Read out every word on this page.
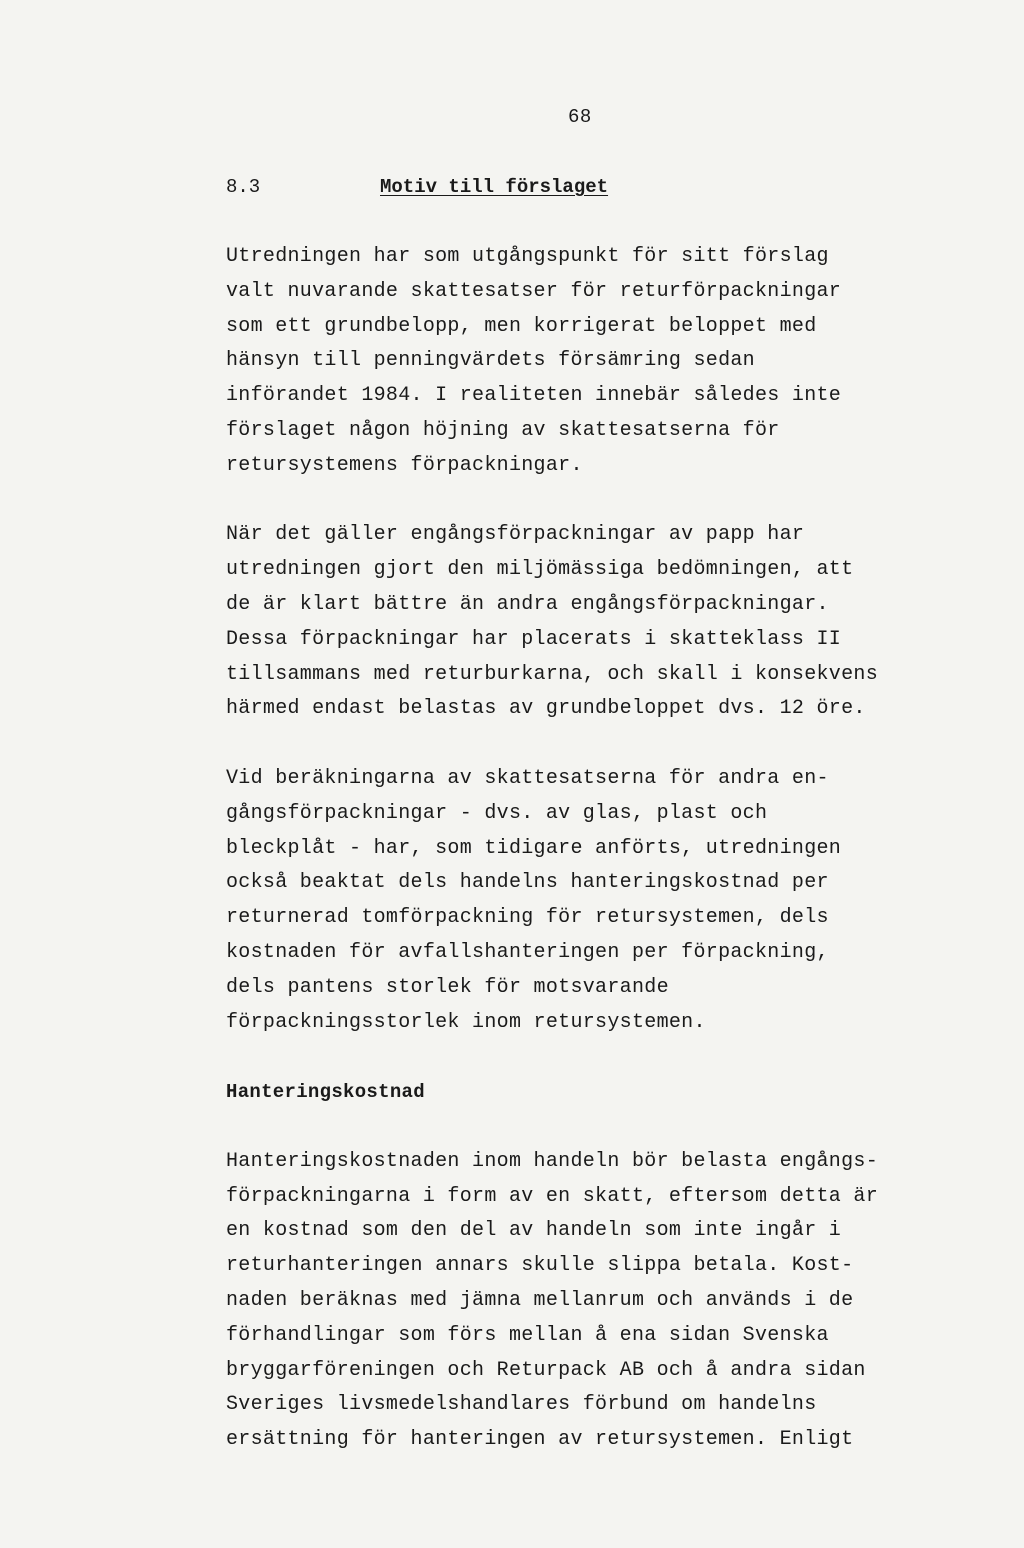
68
8.3	Motiv till förslaget
Utredningen har som utgångspunkt för sitt förslag
valt nuvarande skattesatser för returförpackningar
som ett grundbelopp, men korrigerat beloppet med
hänsyn till penningvärdets försämring sedan
införandet 1984. I realiteten innebär således inte
förslaget någon höjning av skattesatserna för
retursystemens förpackningar.
När det gäller engångsförpackningar av papp har
utredningen gjort den miljömässiga bedömningen, att
de är klart bättre än andra engångsförpackningar.
Dessa förpackningar har placerats i skatteklass II
tillsammans med returburkarna, och skall i konsekvens
härmed endast belastas av grundbeloppet dvs. 12 öre.
Vid beräkningarna av skattesatserna för andra en-
gångsförpackningar - dvs. av glas, plast och
bleckplåt - har, som tidigare anförts, utredningen
också beaktat dels handelns hanteringskostnad per
returnerad tomförpackning för retursystemen, dels
kostnaden för avfallshanteringen per förpackning,
dels pantens storlek för motsvarande
förpackningsstorlek inom retursystemen.
Hanteringskostnad
Hanteringskostnaden inom handeln bör belasta engångs-
förpackningarna i form av en skatt, eftersom detta är
en kostnad som den del av handeln som inte ingår i
returhanteringen annars skulle slippa betala. Kost-
naden beräknas med jämna mellanrum och används i de
förhandlingar som förs mellan å ena sidan Svenska
bryggarföreningen och Returpack AB och å andra sidan
Sveriges livsmedelshandlares förbund om handelns
ersättning för hanteringen av retursystemen. Enligt
